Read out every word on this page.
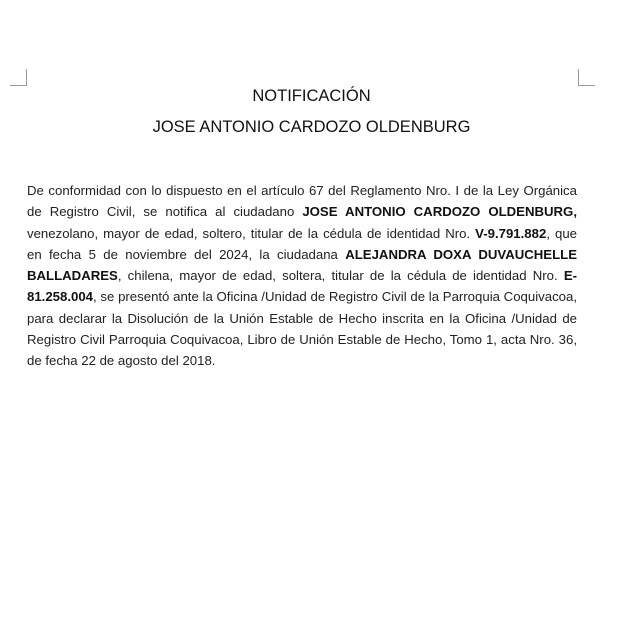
NOTIFICACIÓN
JOSE ANTONIO CARDOZO OLDENBURG
De conformidad con lo dispuesto en el artículo 67 del Reglamento Nro. I de la Ley Orgánica de Registro Civil, se notifica al ciudadano JOSE ANTONIO CARDOZO OLDENBURG, venezolano, mayor de edad, soltero, titular de la cédula de identidad Nro. V-9.791.882, que en fecha 5 de noviembre del 2024, la ciudadana ALEJANDRA DOXA DUVAUCHELLE BALLADARES, chilena, mayor de edad, soltera, titular de la cédula de identidad Nro. E-81.258.004, se presentó ante la Oficina /Unidad de Registro Civil de la Parroquia Coquivacoa, para declarar la Disolución de la Unión Estable de Hecho inscrita en la Oficina /Unidad de Registro Civil Parroquia Coquivacoa, Libro de Unión Estable de Hecho, Tomo 1, acta Nro. 36, de fecha 22 de agosto del 2018.
